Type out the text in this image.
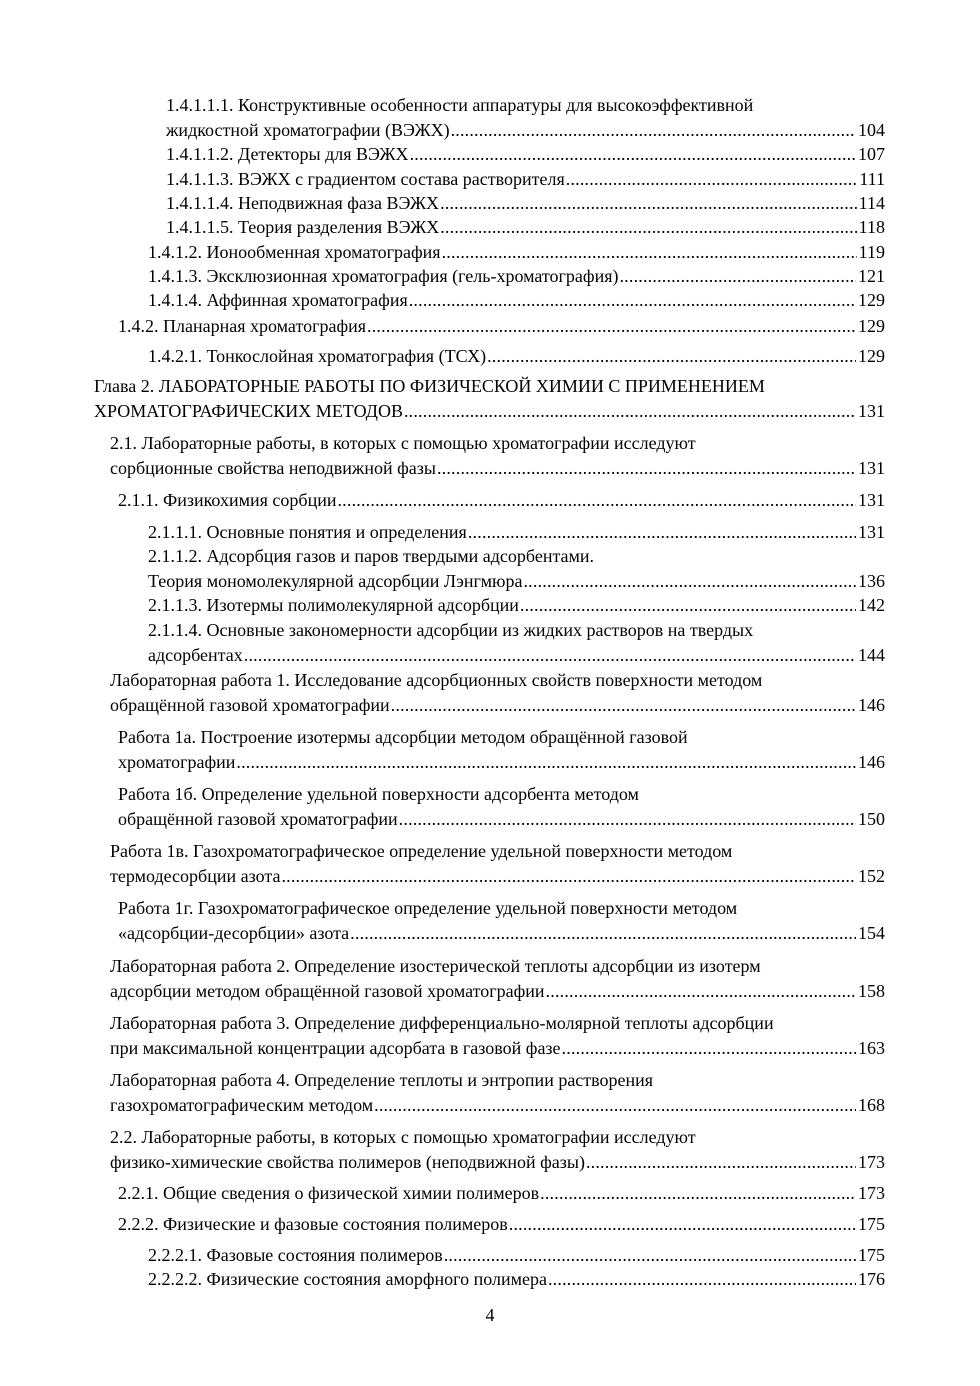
1.4.1.1.1. Конструктивные особенности аппаратуры для высокоэффективной
жидкостной хроматографии (ВЭЖХ) .....	104
1.4.1.1.2. Детекторы для ВЭЖХ .....	107
1.4.1.1.3. ВЭЖХ с градиентом состава растворителя .....	111
1.4.1.1.4. Неподвижная фаза ВЭЖХ .....	114
1.4.1.1.5. Теория разделения ВЭЖХ .....	118
1.4.1.2. Ионообменная хроматография .....	119
1.4.1.3. Эксклюзионная хроматография (гель-хроматография) .....	121
1.4.1.4. Аффинная хроматография .....	129
1.4.2. Планарная хроматография .....	129
1.4.2.1. Тонкослойная хроматография (ТСХ) .....	129
Глава 2. ЛАБОРАТОРНЫЕ РАБОТЫ ПО ФИЗИЧЕСКОЙ ХИМИИ С ПРИМЕНЕНИЕМ
ХРОМАТОГРАФИЧЕСКИХ МЕТОДОВ .....	131
2.1. Лабораторные работы, в которых с помощью хроматографии исследуют
сорбционные свойства неподвижной фазы .....	131
2.1.1. Физикохимия сорбции .....	131
2.1.1.1. Основные понятия и определения .....	131
2.1.1.2. Адсорбция газов и паров твердыми адсорбентами.
Теория мономолекулярной адсорбции Лэнгмюра .....	136
2.1.1.3. Изотермы полимолекулярной адсорбции .....	142
2.1.1.4. Основные закономерности адсорбции из жидких растворов на твердых
адсорбентах .....	144
Лабораторная работа 1. Исследование адсорбционных свойств поверхности методом
обращённой газовой хроматографии .....	146
Работа 1а. Построение изотермы адсорбции методом обращённой газовой
хроматографии .....	146
Работа 1б. Определение удельной поверхности адсорбента методом
обращённой газовой хроматографии .....	150
Работа 1в. Газохроматографическое определение удельной поверхности методом
термодесорбции азота .....	152
Работа 1г. Газохроматографическое определение удельной поверхности методом
«адсорбции-десорбции» азота .....	154
Лабораторная работа 2. Определение изостерической теплоты адсорбции из изотерм
адсорбции методом обращённой газовой хроматографии .....	158
Лабораторная работа 3. Определение дифференциально-молярной теплоты адсорбции
при максимальной концентрации адсорбата в газовой фазе .....	163
Лабораторная работа 4. Определение теплоты и энтропии растворения
газохроматографическим методом .....	168
2.2. Лабораторные работы, в которых с помощью хроматографии исследуют
физико-химические свойства полимеров (неподвижной фазы) .....	173
2.2.1. Общие сведения о физической химии полимеров .....	173
2.2.2. Физические и фазовые состояния полимеров .....	175
2.2.2.1. Фазовые состояния полимеров .....	175
2.2.2.2. Физические состояния аморфного полимера .....	176
4
